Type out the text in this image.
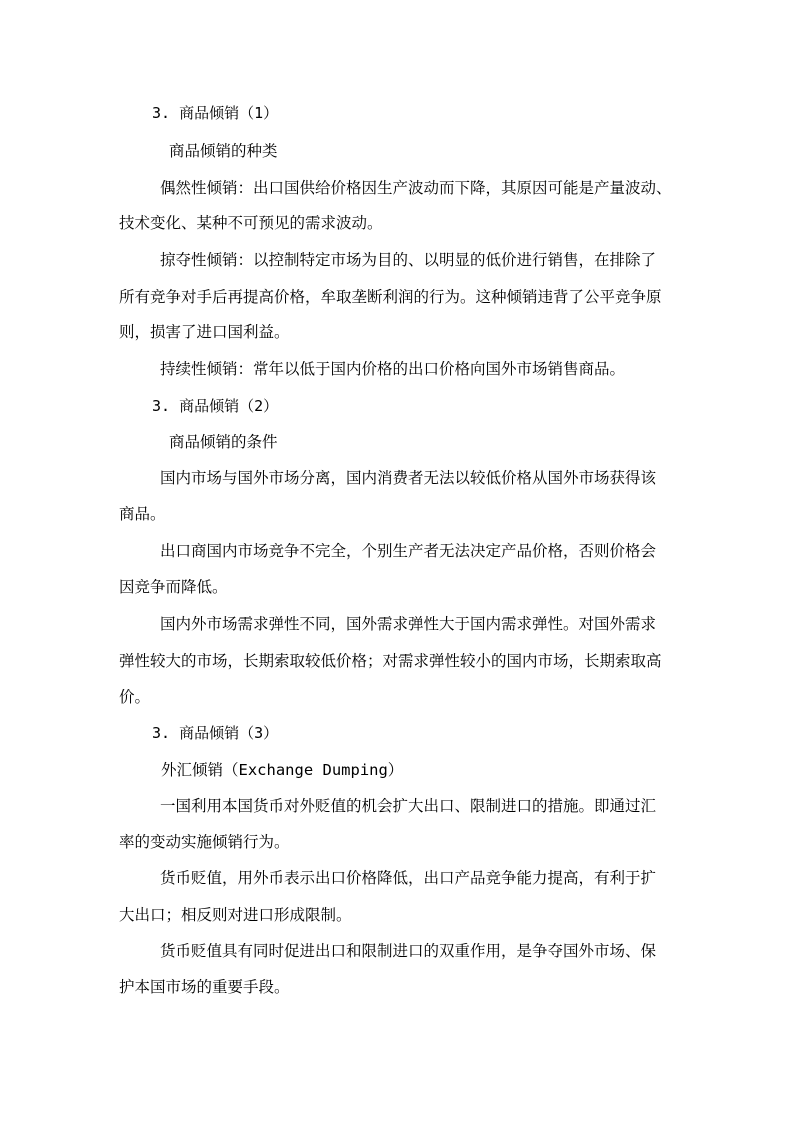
3. 商品倾销（1）

商品倾销的种类

偶然性倾销：出口国供给价格因生产波动而下降，其原因可能是产量波动、

技术变化、某种不可预见的需求波动。

掠夺性倾销：以控制特定市场为目的、以明显的低价进行销售，在排除了

所有竞争对手后再提高价格，牟取垄断利润的行为。这种倾销违背了公平竞争原

则，损害了进口国利益。

持续性倾销：常年以低于国内价格的出口价格向国外市场销售商品。

3. 商品倾销（2）

商品倾销的条件

国内市场与国外市场分离，国内消费者无法以较低价格从国外市场获得该

商品。

出口商国内市场竞争不完全，个别生产者无法决定产品价格，否则价格会

因竞争而降低。

国内外市场需求弹性不同，国外需求弹性大于国内需求弹性。对国外需求

弹性较大的市场，长期索取较低价格；对需求弹性较小的国内市场，长期索取高

价。

3. 商品倾销（3）

外汇倾销（Exchange Dumping）

一国利用本国货币对外贬值的机会扩大出口、限制进口的措施。即通过汇

率的变动实施倾销行为。

货币贬值，用外币表示出口价格降低，出口产品竞争能力提高，有利于扩

大出口；相反则对进口形成限制。

货币贬值具有同时促进出口和限制进口的双重作用，是争夺国外市场、保

护本国市场的重要手段。
